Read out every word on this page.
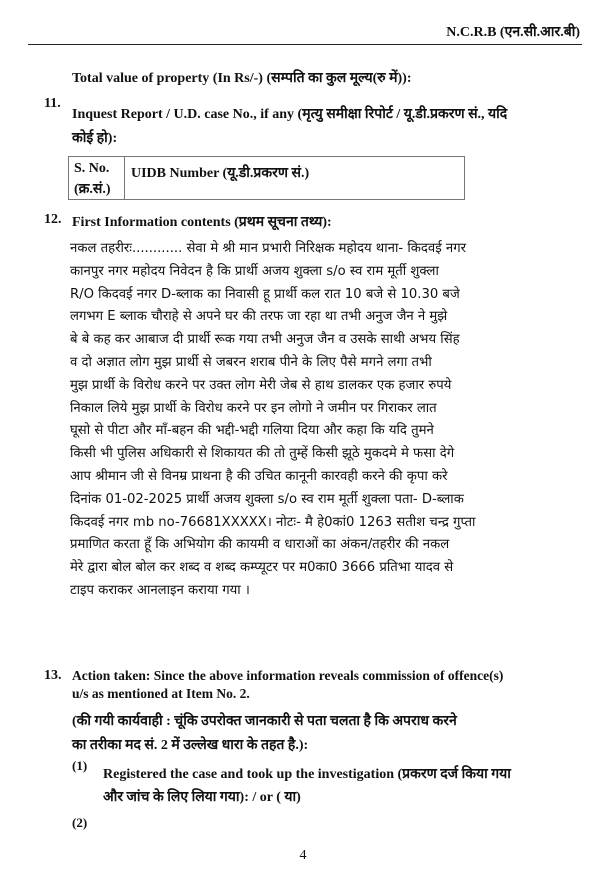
N.C.R.B (एन.सी.आर.बी)
Total value of property (In Rs/-) (सम्पति का कुल मूल्य(रु में)):
11.
Inquest Report / U.D. case No., if any (मृत्यु समीक्षा रिपोर्ट / यू.डी.प्रकरण सं., यदि
कोई हो):
S. No.
(क्र.सं.)
UIDB Number (यू.डी.प्रकरण सं.)
12. First Information contents (प्रथम सूचना तथ्य):
नकल तहरीरः............ सेवा मे श्री मान प्रभारी निरिक्षक महोदय थाना- किदवई नगर
कानपुर नगर महोदय निवेदन है कि प्रार्थी अजय शुक्ला s/o स्व राम मूर्ती शुक्ला
R/O किदवई नगर D-ब्लाक का निवासी हू प्रार्थी कल रात 10 बजे से 10.30 बजे
लगभग E ब्लाक चौराहे से अपने घर की तरफ जा रहा था तभी अनुज जैन ने मुझे
बे बे कह कर आबाज दी प्रार्थी रूक गया तभी अनुज जैन व उसके साथी अभय सिंह
व दो अज्ञात लोग मुझ प्रार्थी से जबरन शराब पीने के लिए पैसे मगने लगा तभी
मुझ प्रार्थी के विरोध करने पर उक्त लोग मेरी जेब से हाथ डालकर एक हजार रुपये
निकाल लिये मुझ प्रार्थी के विरोध करने पर इन लोगो ने जमीन पर गिराकर लात
घूसो से पीटा और माँ-बहन की भद्दी-भद्दी गलिया दिया और कहा कि यदि तुमने
किसी भी पुलिस अधिकारी से शिकायत की तो तुम्हें किसी झूठे मुकदमे मे फसा देगे
आप श्रीमान जी से विनम्र प्राथना है की उचित कानूनी कारवही करने की कृपा करे
दिनांक 01-02-2025 प्रार्थी अजय शुक्ला s/o स्व राम मूर्ती शुक्ला पता- D-ब्लाक
किदवई नगर mb no-76681XXXXX। नोटः- मै हे0कां0 1263 सतीश चन्द्र गुप्ता
प्रमाणित करता हूँ कि अभियोग की कायमी व धाराओं का अंकन/तहरीर की नकल
मेरे द्वारा बोल बोल कर शब्द व शब्द कम्प्यूटर पर म0का0 3666 प्रतिभा यादव से
टाइप कराकर आनलाइन कराया गया ।
13. Action taken: Since the above information reveals commission of offence(s)
u/s as mentioned at Item No. 2.
(की गयी कार्यवाही : चूंकि उपरोक्त जानकारी से पता चलता है कि अपराध करने
का तरीका मद सं. 2 में उल्लेख धारा के तहत है.):
(1)
Registered the case and took up the investigation (प्रकरण दर्ज किया गया
और जांच के लिए लिया गया): / or ( या)
(2)
4
